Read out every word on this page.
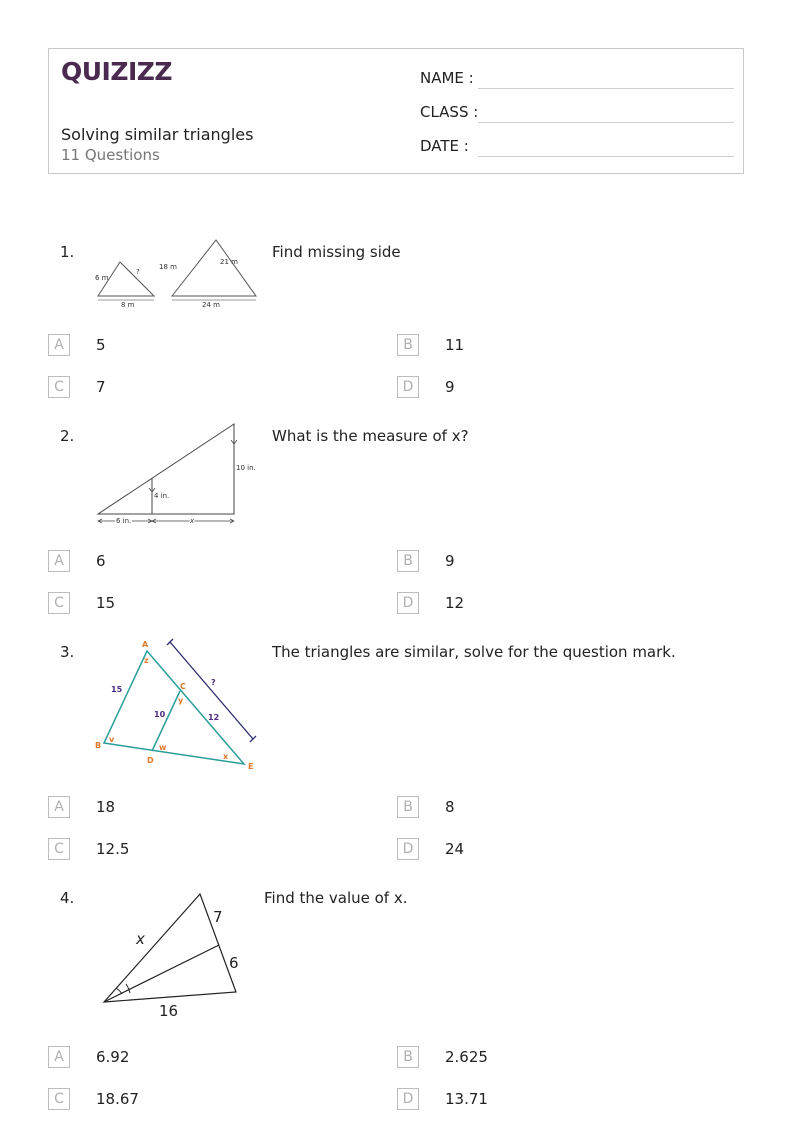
QUIZIZZ
Solving similar triangles
11 Questions
NAME :
CLASS :
DATE :
1.
6 m
?
8 m
18 m
21 m
24 m
Find missing side
A	5	B	11
C	7	D	9
2.
10 in.
4 in.
6 in.	x
What is the measure of x?
A	6	B	9
C	15	D	12
3.	A
z
15
?
C
y
10	12
B
v
w
x
D
E
The triangles are similar, solve for the question mark.
A	18	B	8
C	12.5	D	24
4.
x
7
6
16
Find the value of x.
A	6.92	B	2.625
C	18.67	D	13.71
